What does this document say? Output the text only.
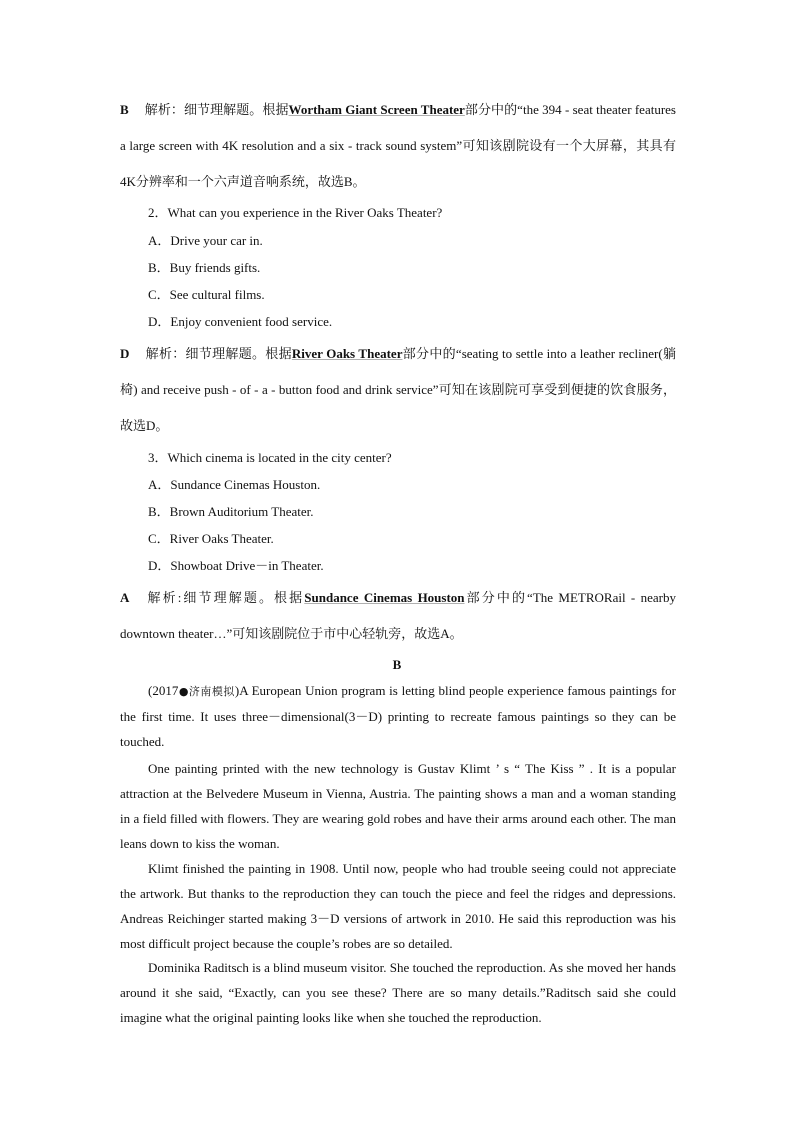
B 解析：细节理解题。根据Wortham Giant Screen Theater部分中的“the 394 - seat theater features a large screen with 4K resolution and a six - track sound system”可知该剧院设有一个大屏幕，其具有4K分辨率和一个六声道音响系统，故选B。
2．What can you experience in the River Oaks Theater?
A．Drive your car in.
B．Buy friends gifts.
C．See cultural films.
D．Enjoy convenient food service.
D 解析：细节理解题。根据River Oaks Theater部分中的“seating to settle into a leather recliner(躺椅) and receive push - of - a - button food and drink service”可知在该剧院可享受到便捷的饮食服务，故选D。
3．Which cinema is located in the city center?
A．Sundance Cinemas Houston.
B．Brown Auditorium Theater.
C．River Oaks Theater.
D．Showboat Drive－in Theater.
A 解析:细节理解题。根据Sundance Cinemas Houston部分中的“The METRORail - nearby downtown theater…”可知该剧院位于市中心轻轨旁，故选A。
B
(2017●济南模拟)A European Union program is letting blind people experience famous paintings for the first time. It uses three－dimensional(3－D) printing to recreate famous paintings so they can be touched.
One painting printed with the new technology is Gustav Klimt ’ s “ The Kiss ” . It is a popular attraction at the Belvedere Museum in Vienna, Austria. The painting shows a man and a woman standing in a field filled with flowers. They are wearing gold robes and have their arms around each other. The man leans down to kiss the woman.
Klimt finished the painting in 1908. Until now, people who had trouble seeing could not appreciate the artwork. But thanks to the reproduction they can touch the piece and feel the ridges and depressions. Andreas Reichinger started making 3－D versions of artwork in 2010. He said this reproduction was his most difficult project because the couple’s robes are so detailed.
Dominika Raditsch is a blind museum visitor. She touched the reproduction. As she moved her hands around it she said, “Exactly, can you see these? There are so many details.”Raditsch said she could imagine what the original painting looks like when she touched the reproduction.
